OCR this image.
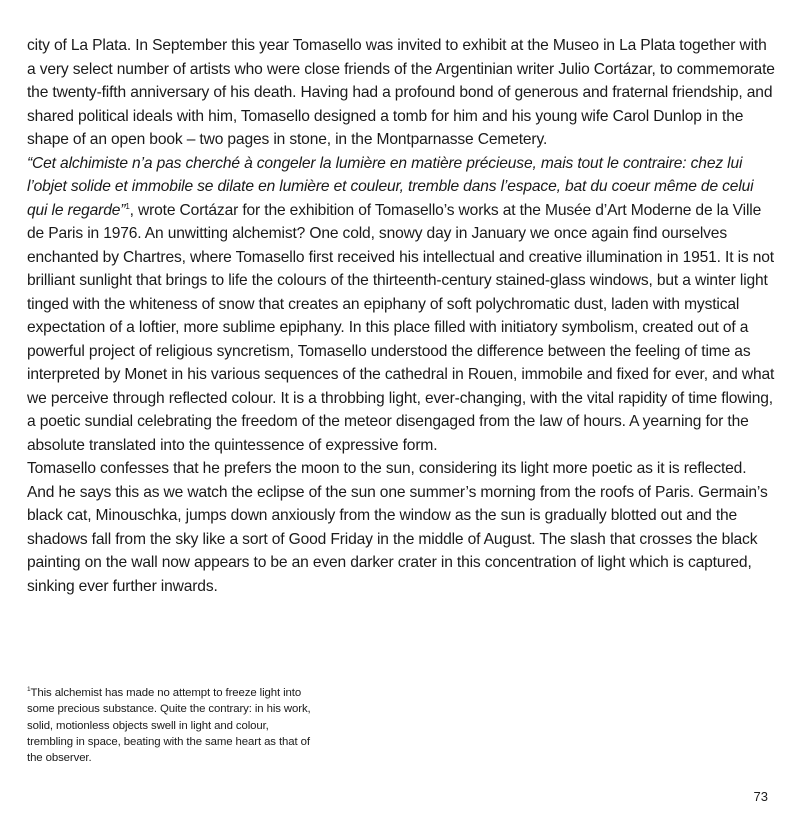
city of La Plata. In September this year Tomasello was invited to exhibit at the Museo in La Plata together with a very select number of artists who were close friends of the Argentinian writer Julio Cortázar, to commemorate the twenty-fifth anniversary of his death. Having had a profound bond of generous and fraternal friendship, and shared political ideals with him, Tomasello designed a tomb for him and his young wife Carol Dunlop in the shape of an open book – two pages in stone, in the Montparnasse Cemetery.

“Cet alchimiste n’a pas cherché à congeler la lumière en matière précieuse, mais tout le contraire: chez lui l’objet solide et immobile se dilate en lumière et couleur, tremble dans l’espace, bat du coeur même de celui qui le regarde”$^1$, wrote Cortázar for the exhibition of Tomasello’s works at the Musée d’Art Moderne de la Ville de Paris in 1976. An unwitting alchemist? One cold, snowy day in January we once again find ourselves enchanted by Chartres, where Tomasello first received his intellectual and creative illumination in 1951. It is not brilliant sunlight that brings to life the colours of the thirteenth-century stained-glass windows, but a winter light tinged with the whiteness of snow that creates an epiphany of soft polychromatic dust, laden with mystical expectation of a loftier, more sublime epiphany. In this place filled with initiatory symbolism, created out of a powerful project of religious syncretism, Tomasello understood the difference between the feeling of time as interpreted by Monet in his various sequences of the cathedral in Rouen, immobile and fixed for ever, and what we perceive through reflected colour. It is a throbbing light, ever-changing, with the vital rapidity of time flowing, a poetic sundial celebrating the freedom of the meteor disengaged from the law of hours. A yearning for the absolute translated into the quintessence of expressive form.

Tomasello confesses that he prefers the moon to the sun, considering its light more poetic as it is reflected. And he says this as we watch the eclipse of the sun one summer’s morning from the roofs of Paris. Germain’s black cat, Minouschka, jumps down anxiously from the window as the sun is gradually blotted out and the shadows fall from the sky like a sort of Good Friday in the middle of August. The slash that crosses the black painting on the wall now appears to be an even darker crater in this concentration of light which is captured, sinking ever further inwards.

$^1$This alchemist has made no attempt to freeze light into some precious substance. Quite the contrary: in his work, solid, motionless objects swell in light and colour, trembling in space, beating with the same heart as that of the observer.
73
